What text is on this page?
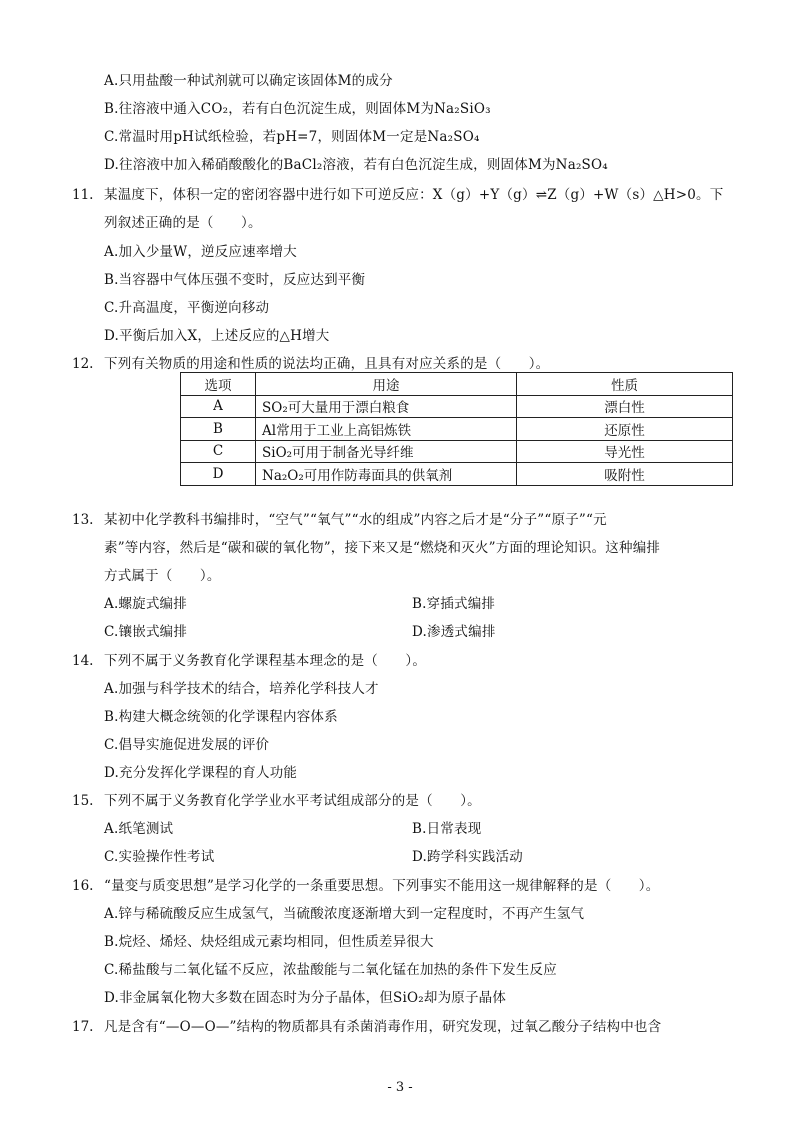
A.只用盐酸一种试剂就可以确定该固体M的成分
B.往溶液中通入CO₂，若有白色沉淀生成，则固体M为Na₂SiO₃
C.常温时用pH试纸检验，若pH=7，则固体M一定是Na₂SO₄
D.往溶液中加入稀硝酸酸化的BaCl₂溶液，若有白色沉淀生成，则固体M为Na₂SO₄
11. 某温度下，体积一定的密闭容器中进行如下可逆反应：X（g）+Y（g）⇌Z（g）+W（s）△H>0。下
列叙述正确的是（　　）。
A.加入少量W，逆反应速率增大
B.当容器中气体压强不变时，反应达到平衡
C.升高温度，平衡逆向移动
D.平衡后加入X，上述反应的△H增大
12. 下列有关物质的用途和性质的说法均正确，且具有对应关系的是（　　）。
选项	用途	性质
A	SO₂可大量用于漂白粮食	漂白性
B	Al常用于工业上高铝炼铁	还原性
C	SiO₂可用于制备光导纤维	导光性
D	Na₂O₂可用作防毒面具的供氧剂	吸附性
13. 某初中化学教科书编排时，“空气”“氧气”“水的组成”内容之后才是“分子”“原子”“元
素”等内容，然后是“碳和碳的氧化物”，接下来又是“燃烧和灭火”方面的理论知识。这种编排
方式属于（　　）。
A.螺旋式编排	B.穿插式编排
C.镶嵌式编排	D.渗透式编排
14. 下列不属于义务教育化学课程基本理念的是（　　）。
A.加强与科学技术的结合，培养化学科技人才
B.构建大概念统领的化学课程内容体系
C.倡导实施促进发展的评价
D.充分发挥化学课程的育人功能
15. 下列不属于义务教育化学学业水平考试组成部分的是（　　）。
A.纸笔测试	B.日常表现
C.实验操作性考试	D.跨学科实践活动
16. “量变与质变思想”是学习化学的一条重要思想。下列事实不能用这一规律解释的是（　　）。
A.锌与稀硫酸反应生成氢气，当硫酸浓度逐渐增大到一定程度时，不再产生氢气
B.烷烃、烯烃、炔烃组成元素均相同，但性质差异很大
C.稀盐酸与二氧化锰不反应，浓盐酸能与二氧化锰在加热的条件下发生反应
D.非金属氧化物大多数在固态时为分子晶体，但SiO₂却为原子晶体
17. 凡是含有“—O—O—”结构的物质都具有杀菌消毒作用，研究发现，过氧乙酸分子结构中也含
- 3 -
